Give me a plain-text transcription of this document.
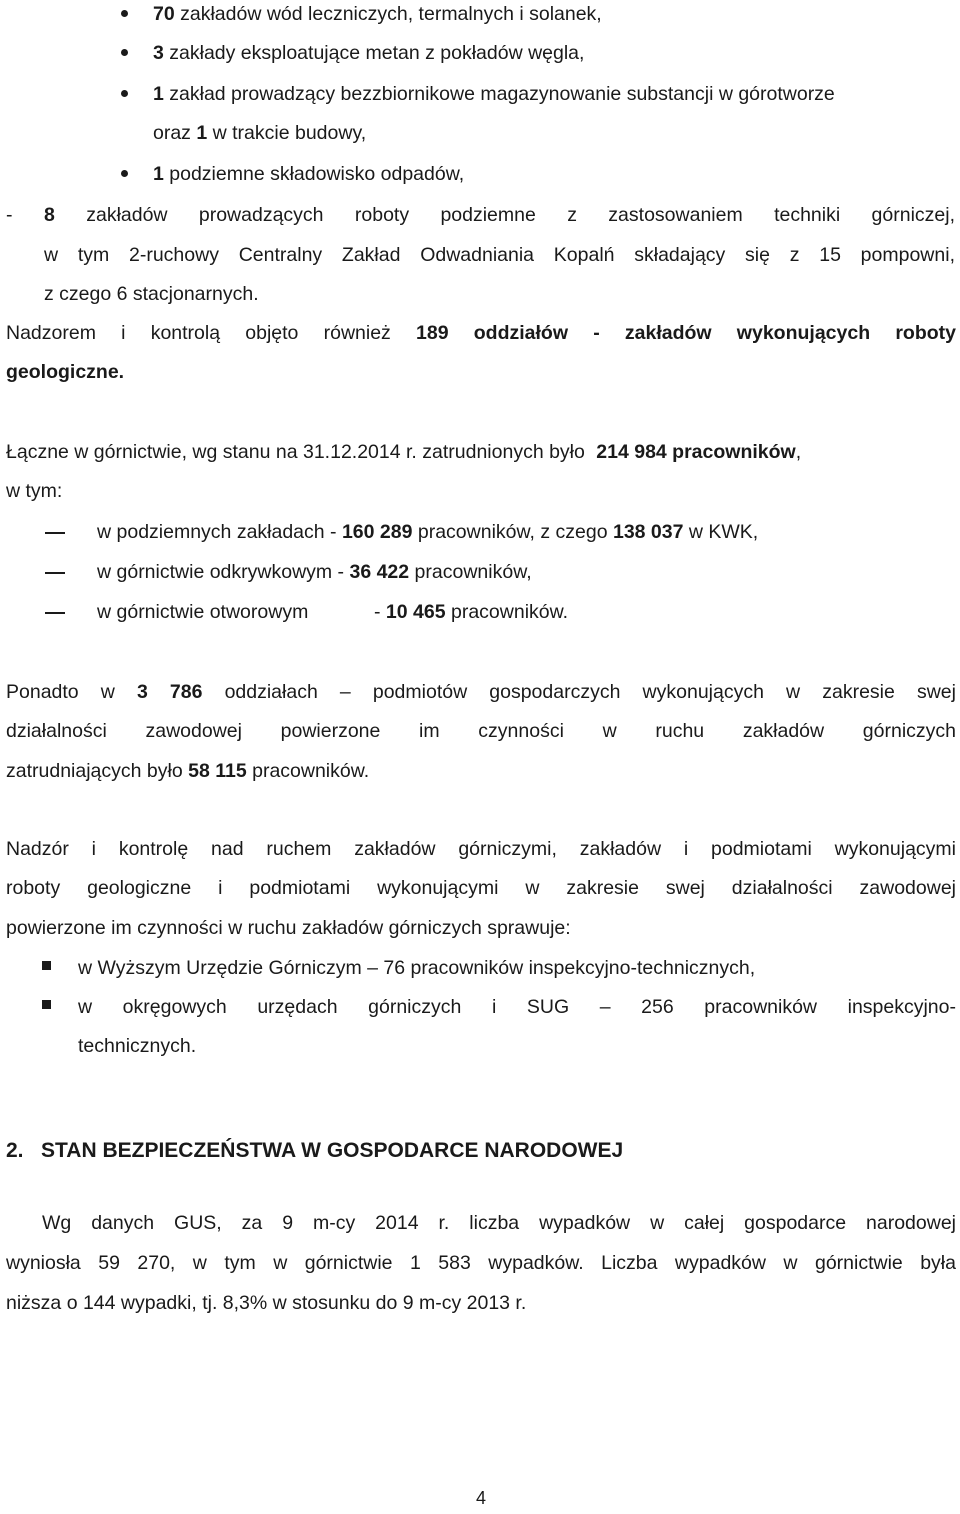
70 zakładów wód leczniczych, termalnych i solanek,
3 zakłady eksploatujące metan z pokładów węgla,
1 zakład prowadzący bezzbiornikowe magazynowanie substancji w górotworze
oraz 1 w trakcie budowy,
1 podziemne składowisko odpadów,
- 8 zakładów prowadzących roboty podziemne z zastosowaniem techniki górniczej,
w tym 2-ruchowy Centralny Zakład Odwadniania Kopalń składający się z 15 pompowni,
z czego 6 stacjonarnych.
Nadzorem i kontrolą objęto również 189 oddziałów - zakładów wykonujących roboty
geologiczne.
Łączne w górnictwie, wg stanu na 31.12.2014 r. zatrudnionych było 214 984 pracowników,
w tym:
w podziemnych zakładach - 160 289 pracowników, z czego 138 037 w KWK,
w górnictwie odkrywkowym - 36 422 pracowników,
w górnictwie otworowym	- 10 465 pracowników.
Ponadto w 3 786 oddziałach – podmiotów gospodarczych wykonujących w zakresie swej
działalności zawodowej powierzone im czynności w ruchu zakładów górniczych
zatrudniających było 58 115 pracowników.
Nadzór i kontrolę nad ruchem zakładów górniczymi, zakładów i podmiotami wykonującymi
roboty geologiczne i podmiotami wykonującymi w zakresie swej działalności zawodowej
powierzone im czynności w ruchu zakładów górniczych sprawuje:
w Wyższym Urzędzie Górniczym – 76 pracowników inspekcyjno-technicznych,
w okręgowych urzędach górniczych i SUG – 256 pracowników inspekcyjno-
technicznych.
2. STAN BEZPIECZEŃSTWA W GOSPODARCE NARODOWEJ
Wg danych GUS, za 9 m-cy 2014 r. liczba wypadków w całej gospodarce narodowej
wyniosła 59 270, w tym w górnictwie 1 583 wypadków. Liczba wypadków w górnictwie była
niższa o 144 wypadki, tj. 8,3% w stosunku do 9 m-cy 2013 r.
4
